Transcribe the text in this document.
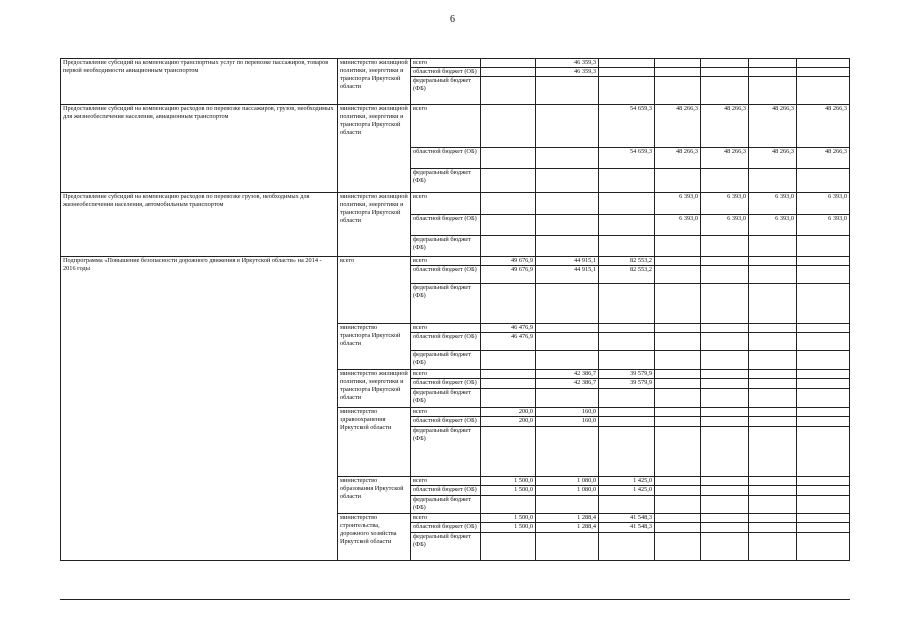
6
Предоставление субсидий на компенсацию транспортных услуг по перевозке пассажиров, товаров первой необходимости авиационным транспортом	министерство жилищной политики, энергетики и транспорта Иркутской области	всего		46 359,3					
		областной бюджет (ОБ)		46 359,3					
		федеральный бюджет (ФБ)							
Предоставление субсидий на компенсацию расходов по перевозке пассажиров, грузов, необходимых для жизнеобеспечения населения, авиационным транспортом	министерство жилищной политики, энергетики и транспорта Иркутской области	всего			54 659,3	48 266,3	48 266,3	48 266,3	48 266,3
		областной бюджет (ОБ)			54 659,3	48 266,3	48 266,3	48 266,3	48 266,3
		федеральный бюджет (ФБ)							
Предоставление субсидий на компенсацию расходов по перевозке грузов, необходимых для жизнеобеспечения населения, автомобильным транспортом	министерство жилищной политики, энергетики и транспорта Иркутской области	всего				6 393,0	6 393,0	6 393,0	6 393,0
		областной бюджет (ОБ)				6 393,0	6 393,0	6 393,0	6 393,0
		федеральный бюджет (ФБ)							
Подпрограмма «Повышение безопасности дорожного движения в Иркутской области» на 2014 - 2016 годы	всего	всего	49 676,9	44 915,1	82 553,2				
		областной бюджет (ОБ)	49 676,9	44 915,1	82 553,2				
		федеральный бюджет (ФБ)							
	министерство транспорта Иркутской области	всего	46 476,9						
		областной бюджет (ОБ)	46 476,9						
		федеральный бюджет (ФБ)							
	министерство жилищной политики, энергетики и транспорта Иркутской области	всего		42 386,7	39 579,9				
		областной бюджет (ОБ)		42 386,7	39 579,9				
		федеральный бюджет (ФБ)							
	министерство здравоохранения Иркутской области	всего	200,0	160,0					
		областной бюджет (ОБ)	200,0	160,0					
		федеральный бюджет (ФБ)							
	министерство образования Иркутской области	всего	1 500,0	1 080,0	1 425,0				
		областной бюджет (ОБ)	1 500,0	1 080,0	1 425,0				
		федеральный бюджет (ФБ)							
	министерство строительства, дорожного хозяйства Иркутской области	всего	1 500,0	1 288,4	41 548,3				
		областной бюджет (ОБ)	1 500,0	1 288,4	41 548,3				
		федеральный бюджет (ФБ)							
